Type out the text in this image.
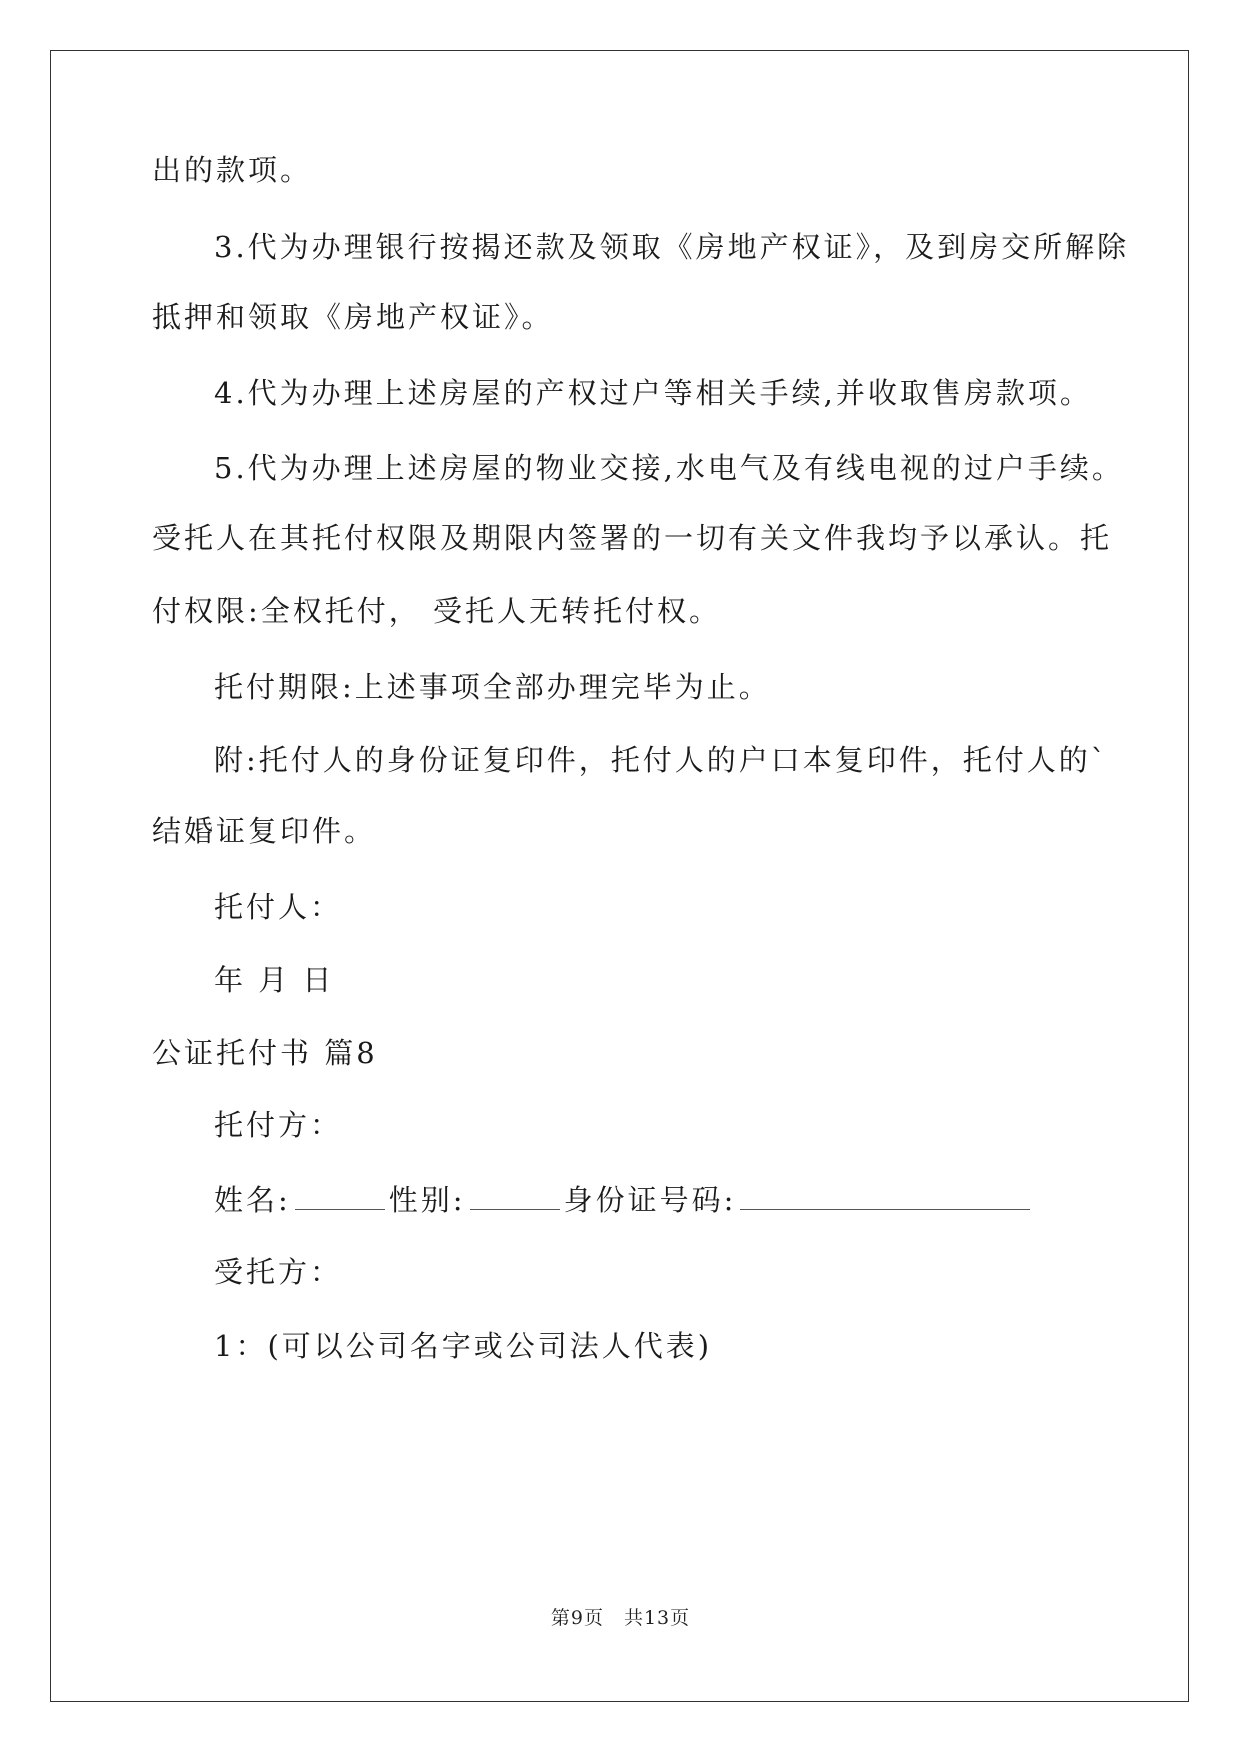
出的款项。
3.代为办理银行按揭还款及领取《房地产权证》，及到房交所解除
抵押和领取《房地产权证》。
4.代为办理上述房屋的产权过户等相关手续,并收取售房款项。
5.代为办理上述房屋的物业交接,水电气及有线电视的过户手续。
受托人在其托付权限及期限内签署的一切有关文件我均予以承认。托
付权限:全权托付， 受托人无转托付权。
托付期限:上述事项全部办理完毕为止。
附:托付人的身份证复印件，托付人的户口本复印件，托付人的`
结婚证复印件。
托付人：
年 月 日
公证托付书 篇8
托付方：
姓名:	性别:	身份证号码:
受托方：
1：(可以公司名字或公司法人代表)
第9页　共13页
